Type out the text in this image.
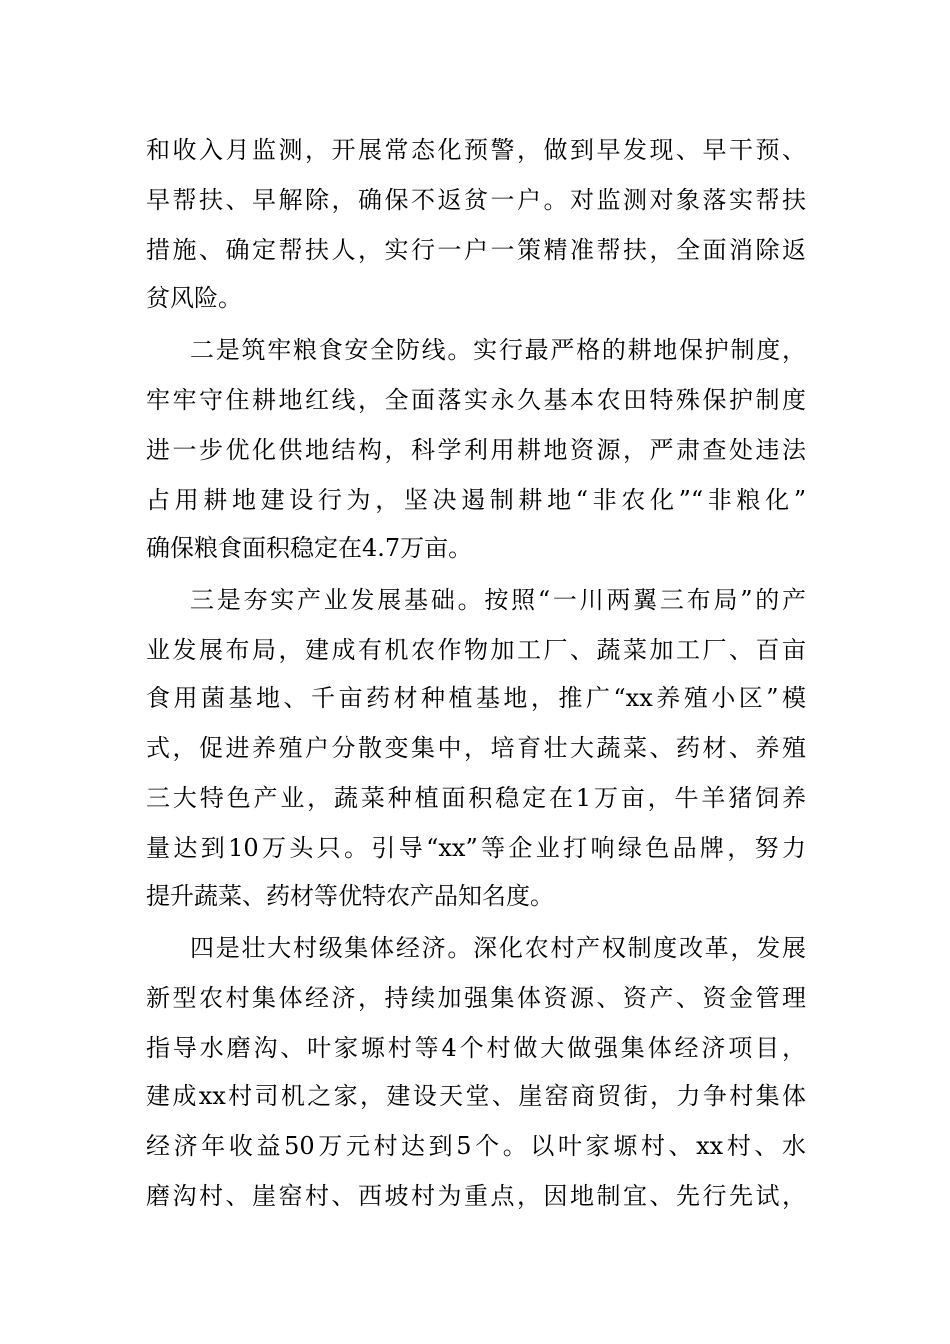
和收入月监测，开展常态化预警，做到早发现、早干预、
早帮扶、早解除，确保不返贫一户。对监测对象落实帮扶
措施、确定帮扶人，实行一户一策精准帮扶，全面消除返
贫风险。
二是筑牢粮食安全防线。实行最严格的耕地保护制度，
牢牢守住耕地红线，全面落实永久基本农田特殊保护制度
进一步优化供地结构，科学利用耕地资源，严肃查处违法
占用耕地建设行为，坚决遏制耕地“非农化”“非粮化”
确保粮食面积稳定在4.7万亩。
三是夯实产业发展基础。按照“一川两翼三布局”的产
业发展布局，建成有机农作物加工厂、蔬菜加工厂、百亩
食用菌基地、千亩药材种植基地，推广“xx养殖小区”模
式，促进养殖户分散变集中，培育壮大蔬菜、药材、养殖
三大特色产业，蔬菜种植面积稳定在1万亩，牛羊猪饲养
量达到10万头只。引导“xx”等企业打响绿色品牌，努力
提升蔬菜、药材等优特农产品知名度。
四是壮大村级集体经济。深化农村产权制度改革，发展
新型农村集体经济，持续加强集体资源、资产、资金管理
指导水磨沟、叶家塬村等4个村做大做强集体经济项目，
建成xx村司机之家，建设天堂、崖窑商贸街，力争村集体
经济年收益50万元村达到5个。以叶家塬村、xx村、水
磨沟村、崖窑村、西坡村为重点，因地制宜、先行先试，
